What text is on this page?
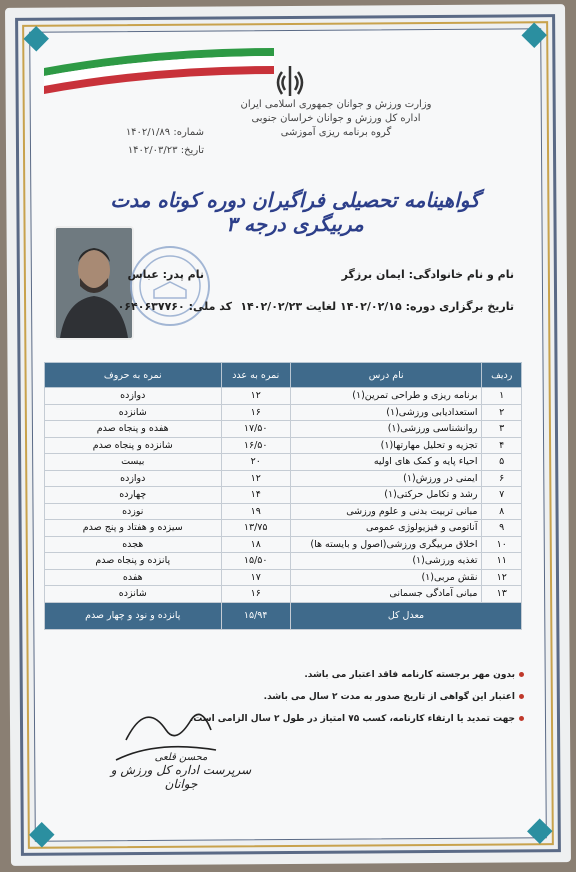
☫
وزارت ورزش و جوانان جمهوری اسلامی ایران
اداره کل ورزش و جوانان خراسان جنوبی
گروه برنامه ریزی آموزشی
شماره: ۱۴۰۲/۱/۸۹
تاریخ: ۱۴۰۲/۰۳/۲۳
گواهینامه تحصیلی فراگیران دوره کوتاه مدت مربیگری درجه ۳
نام و نام خانوادگی: ایمان برزگر
نام پدر: عباس
تاریخ برگزاری دوره: ۱۴۰۲/۰۲/۱۵ لغایت ۱۴۰۲/۰۲/۲۳
کد ملی: ۰۶۴۰۶۳۷۷۶۰
ردیف	نام درس	نمره به عدد	نمره به حروف
۱	برنامه ریزی و طراحی تمرین(۱)	۱۲	دوازده
۲	استعدادیابی ورزشی(۱)	۱۶	شانزده
۳	روانشناسی ورزشی(۱)	۱۷/۵۰	هفده و پنجاه صدم
۴	تجزیه و تحلیل مهارتها(۱)	۱۶/۵۰	شانزده و پنجاه صدم
۵	احیاء پایه و کمک های اولیه	۲۰	بیست
۶	ایمنی در ورزش(۱)	۱۲	دوازده
۷	رشد و تکامل حرکتی(۱)	۱۴	چهارده
۸	مبانی تربیت بدنی و علوم ورزشی	۱۹	نوزده
۹	آناتومی و فیزیولوژی عمومی	۱۳/۷۵	سیزده و هفتاد و پنج صدم
۱۰	اخلاق مربیگری ورزشی(اصول و بایسته ها)	۱۸	هجده
۱۱	تغذیه ورزشی(۱)	۱۵/۵۰	پانزده و پنجاه صدم
۱۲	نقش مربی(۱)	۱۷	هفده
۱۳	مبانی آمادگی جسمانی	۱۶	شانزده
معدل کل		۱۵/۹۴	پانزده و نود و چهار صدم
بدون مهر برجسته کارنامه فاقد اعتبار می باشد.
اعتبار این گواهی از تاریخ صدور به مدت ۲ سال می باشد.
جهت تمدید یا ارتقاء کارنامه، کسب ۷۵ امتیاز در طول ۲ سال الزامی است.
محسن قلعی
سرپرست اداره کل ورزش و جوانان
